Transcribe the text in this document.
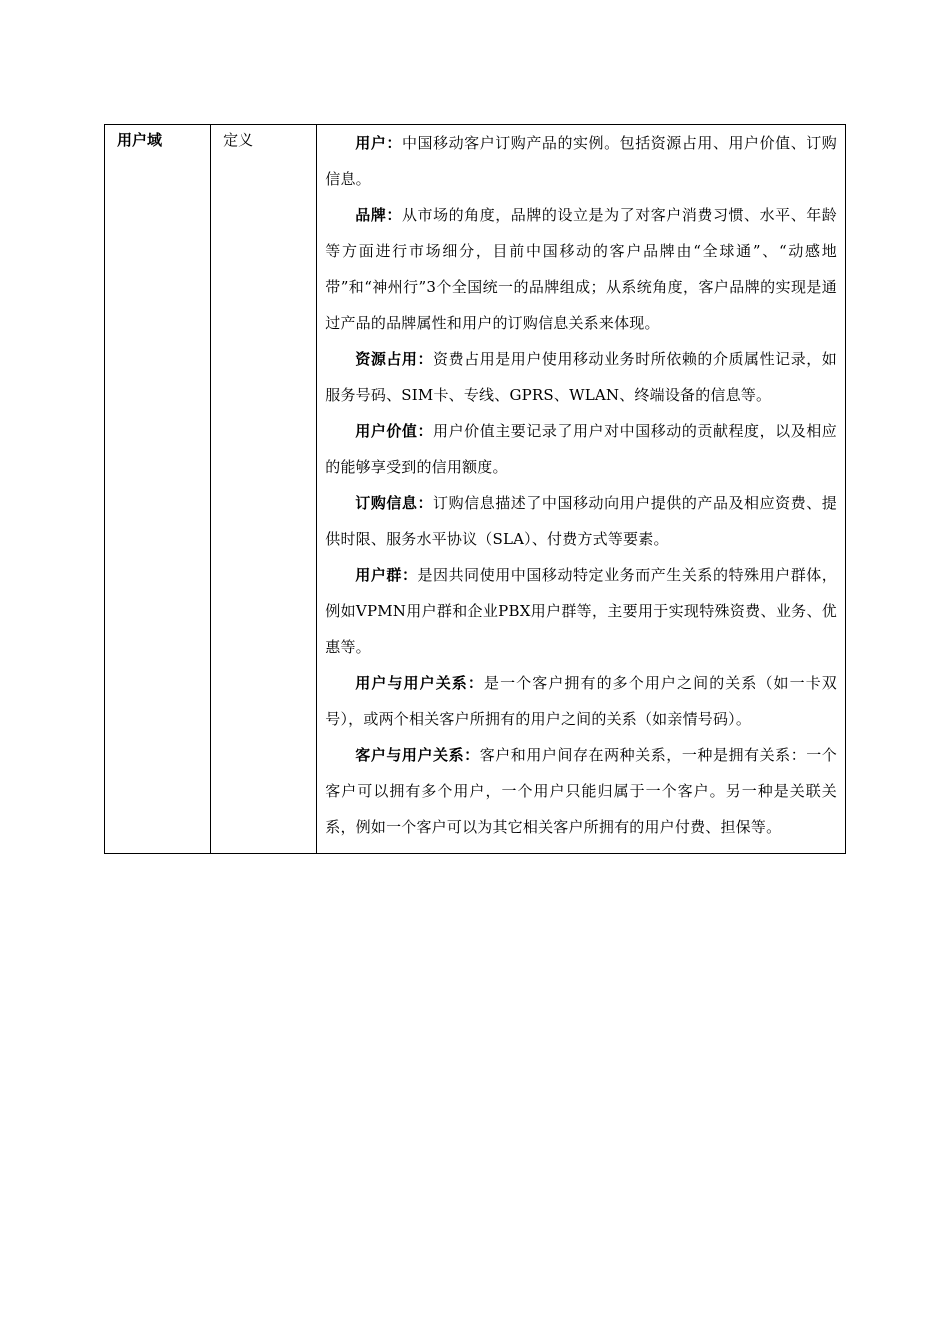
用户域	定义	用户：中国移动客户订购产品的实例。包括资源占用、用户价值、订购信息。

品牌：从市场的角度，品牌的设立是为了对客户消费习惯、水平、年龄等方面进行市场细分，目前中国移动的客户品牌由“全球通”、“动感地带”和“神州行”3个全国统一的品牌组成；从系统角度，客户品牌的实现是通过产品的品牌属性和用户的订购信息关系来体现。

资源占用：资费占用是用户使用移动业务时所依赖的介质属性记录，如服务号码、SIM卡、专线、GPRS、WLAN、终端设备的信息等。

用户价值：用户价值主要记录了用户对中国移动的贡献程度，以及相应的能够享受到的信用额度。

订购信息：订购信息描述了中国移动向用户提供的产品及相应资费、提供时限、服务水平协议（SLA）、付费方式等要素。

用户群：是因共同使用中国移动特定业务而产生关系的特殊用户群体，例如VPMN用户群和企业PBX用户群等，主要用于实现特殊资费、业务、优惠等。

用户与用户关系：是一个客户拥有的多个用户之间的关系（如一卡双号），或两个相关客户所拥有的用户之间的关系（如亲情号码）。

客户与用户关系：客户和用户间存在两种关系，一种是拥有关系：一个客户可以拥有多个用户，一个用户只能归属于一个客户。另一种是关联关系，例如一个客户可以为其它相关客户所拥有的用户付费、担保等。
